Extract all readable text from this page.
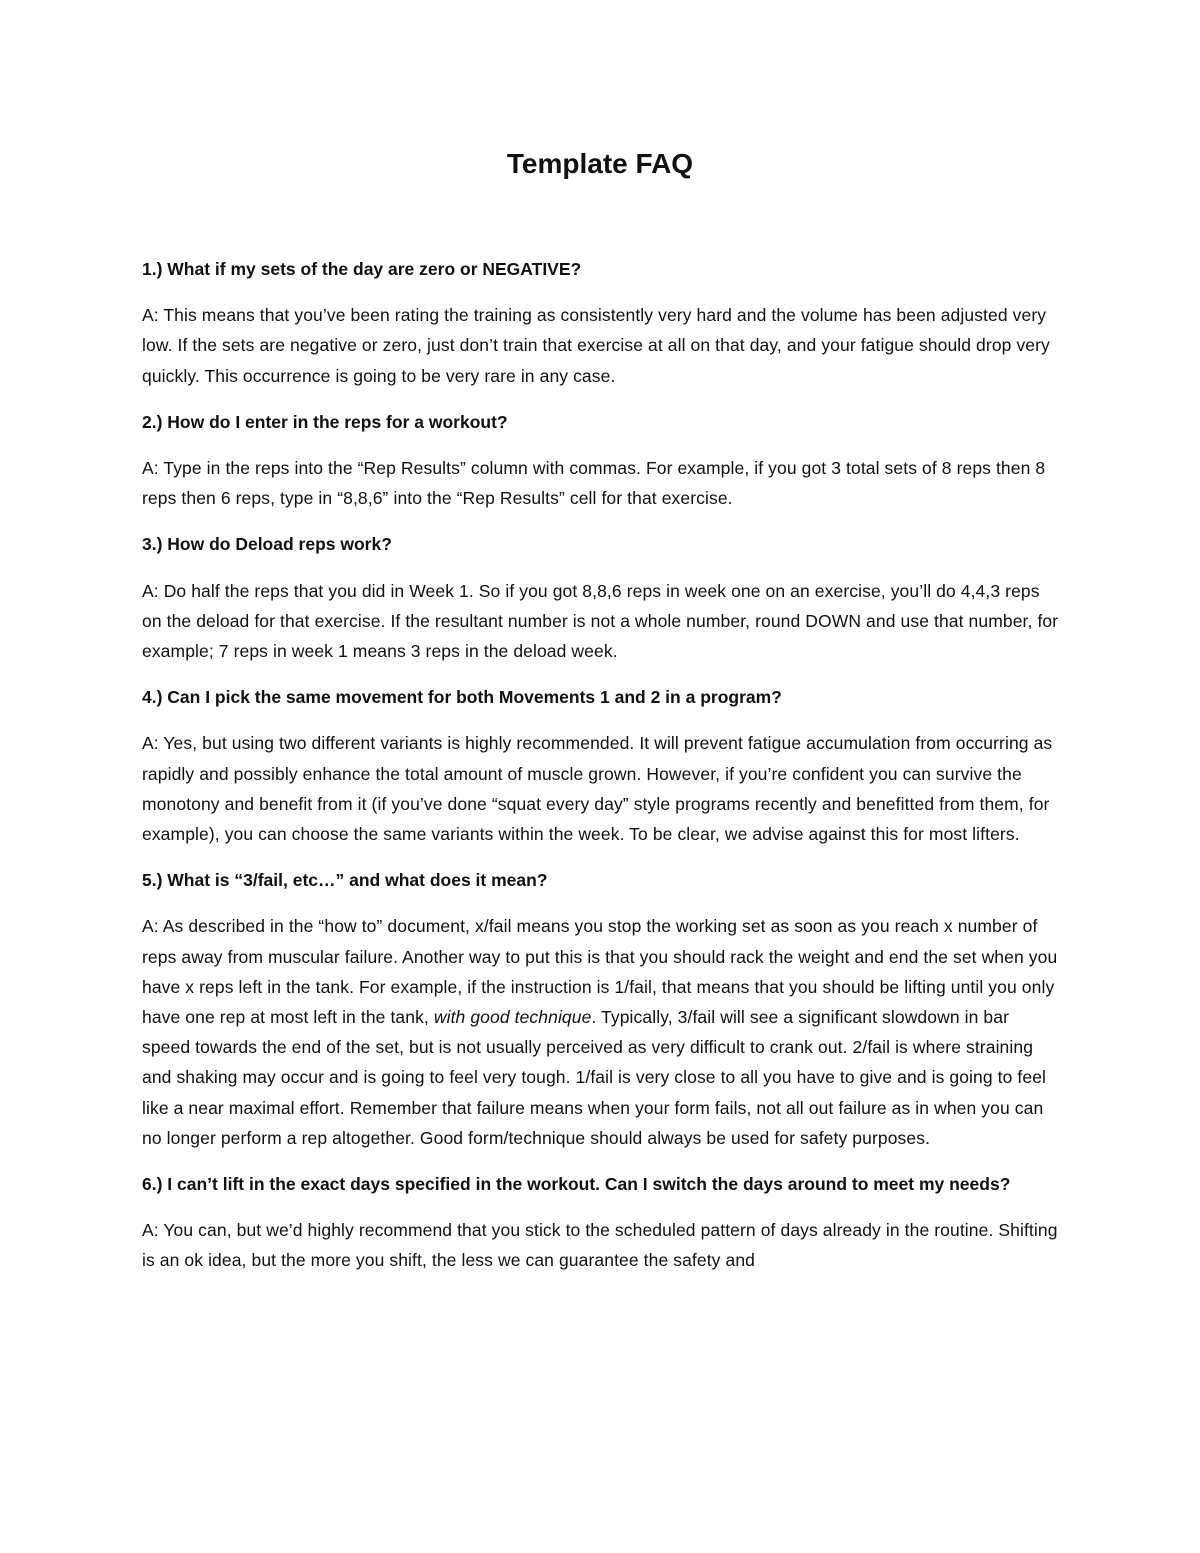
Template FAQ

1.) What if my sets of the day are zero or NEGATIVE?

A: This means that you’ve been rating the training as consistently very hard and the volume has been adjusted very low. If the sets are negative or zero, just don’t train that exercise at all on that day, and your fatigue should drop very quickly. This occurrence is going to be very rare in any case.

2.) How do I enter in the reps for a workout?

A: Type in the reps into the “Rep Results” column with commas. For example, if you got 3 total sets of 8 reps then 8 reps then 6 reps, type in “8,8,6” into the “Rep Results” cell for that exercise.

3.) How do Deload reps work?

A: Do half the reps that you did in Week 1. So if you got 8,8,6 reps in week one on an exercise, you’ll do 4,4,3 reps on the deload for that exercise. If the resultant number is not a whole number, round DOWN and use that number, for example; 7 reps in week 1 means 3 reps in the deload week.

4.) Can I pick the same movement for both Movements 1 and 2 in a program?

A: Yes, but using two different variants is highly recommended. It will prevent fatigue accumulation from occurring as rapidly and possibly enhance the total amount of muscle grown. However, if you’re confident you can survive the monotony and benefit from it (if you’ve done “squat every day” style programs recently and benefitted from them, for example), you can choose the same variants within the week. To be clear, we advise against this for most lifters.

5.) What is “3/fail, etc…” and what does it mean?

A: As described in the “how to” document, x/fail means you stop the working set as soon as you reach x number of reps away from muscular failure. Another way to put this is that you should rack the weight and end the set when you have x reps left in the tank. For example, if the instruction is 1/fail, that means that you should be lifting until you only have one rep at most left in the tank, with good technique. Typically, 3/fail will see a significant slowdown in bar speed towards the end of the set, but is not usually perceived as very difficult to crank out. 2/fail is where straining and shaking may occur and is going to feel very tough. 1/fail is very close to all you have to give and is going to feel like a near maximal effort. Remember that failure means when your form fails, not all out failure as in when you can no longer perform a rep altogether. Good form/technique should always be used for safety purposes.

6.) I can’t lift in the exact days specified in the workout. Can I switch the days around to meet my needs?

A: You can, but we’d highly recommend that you stick to the scheduled pattern of days already in the routine. Shifting is an ok idea, but the more you shift, the less we can guarantee the safety and
